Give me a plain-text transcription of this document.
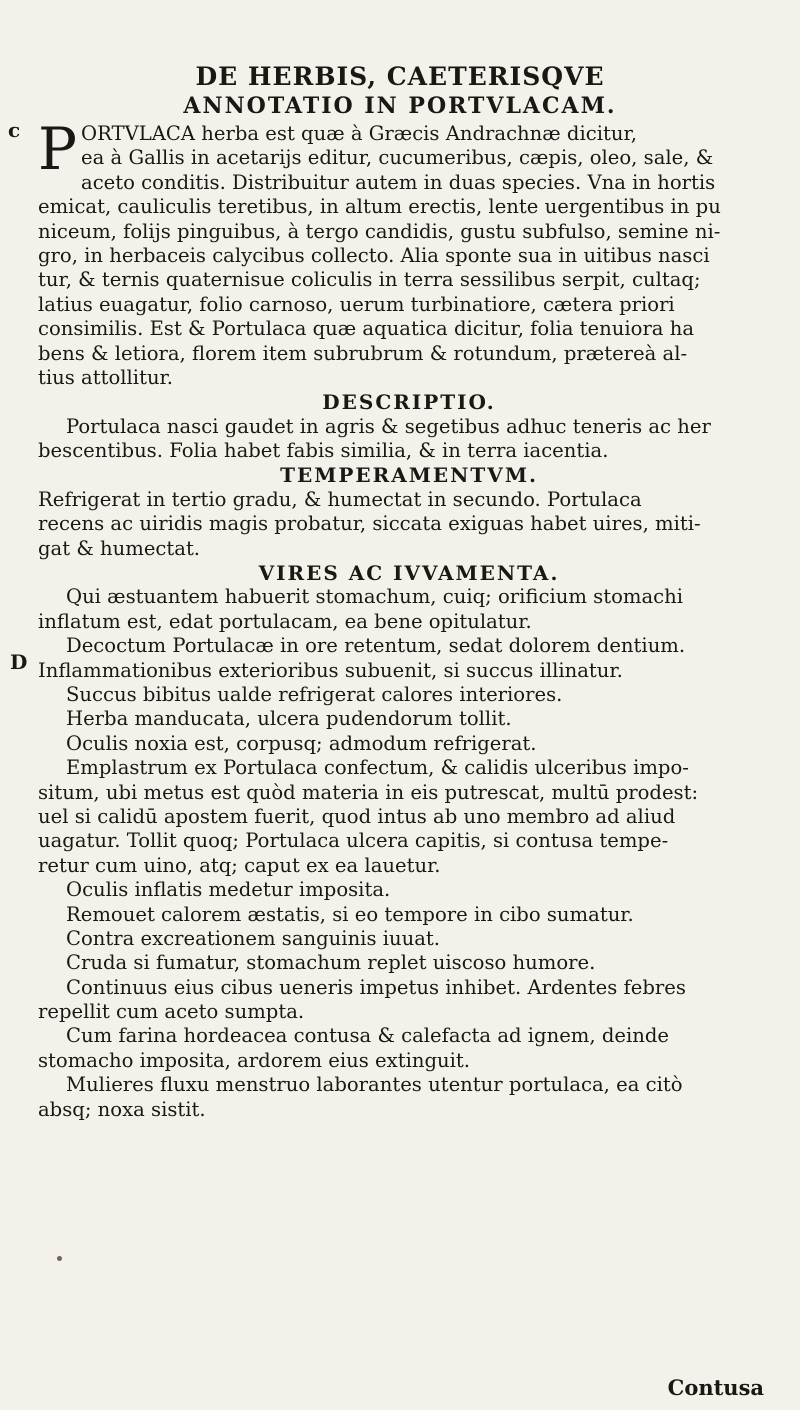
DE HERBIS, CAETERISQVE
ANNOTATIO IN PORTVLACAM.
c
D
P ORTVLACA herba est quæ à Græcis Andrachnæ dicitur,
ea à Gallis in acetarijs editur, cucumeribus, cæpis, oleo, sale, &
aceto conditis. Distribuitur autem in duas species. Vna in hortis
emicat, cauliculis teretibus, in altum erectis, lente uergentibus in pu
niceum, folijs pinguibus, à tergo candidis, gustu subfulso, semine ni-
gro, in herbaceis calycibus collecto. Alia sponte sua in uitibus nasci
tur, & ternis quaternisue coliculis in terra sessilibus serpit, cultaq;
latius euagatur, folio carnoso, uerum turbinatiore, cætera priori
consimilis. Est & Portulaca quæ aquatica dicitur, folia tenuiora ha
bens & letiora, florem item subrubrum & rotundum, prætereà al-
tius attollitur.
DESCRIPTIO.
Portulaca nasci gaudet in agris & segetibus adhuc teneris ac her
bescentibus. Folia habet fabis similia, & in terra iacentia.
TEMPERAMENTVM.
Refrigerat in tertio gradu, & humectat in secundo. Portulaca
recens ac uiridis magis probatur, siccata exiguas habet uires, miti-
gat & humectat.
VIRES AC IVVAMENTA.
Qui æstuantem habuerit stomachum, cuiq; orificium stomachi
inflatum est, edat portulacam, ea bene opitulatur.
Decoctum Portulacæ in ore retentum, sedat dolorem dentium.
Inflammationibus exterioribus subuenit, si succus illinatur.
Succus bibitus ualde refrigerat calores interiores.
Herba manducata, ulcera pudendorum tollit.
Oculis noxia est, corpusq; admodum refrigerat.
Emplastrum ex Portulaca confectum, & calidis ulceribus impo-
situm, ubi metus est quòd materia in eis putrescat, multū prodest:
uel si calidū apostem fuerit, quod intus ab uno membro ad aliud
uagatur. Tollit quoq; Portulaca ulcera capitis, si contusa tempe-
retur cum uino, atq; caput ex ea lauetur.
Oculis inflatis medetur imposita.
Remouet calorem æstatis, si eo tempore in cibo sumatur.
Contra excreationem sanguinis iuuat.
Cruda si fumatur, stomachum replet uiscoso humore.
Continuus eius cibus ueneris impetus inhibet. Ardentes febres
repellit cum aceto sumpta.
Cum farina hordeacea contusa & calefacta ad ignem, deinde
stomacho imposita, ardorem eius extinguit.
Mulieres fluxu menstruo laborantes utentur portulaca, ea citò
absq; noxa sistit.
Contusa
